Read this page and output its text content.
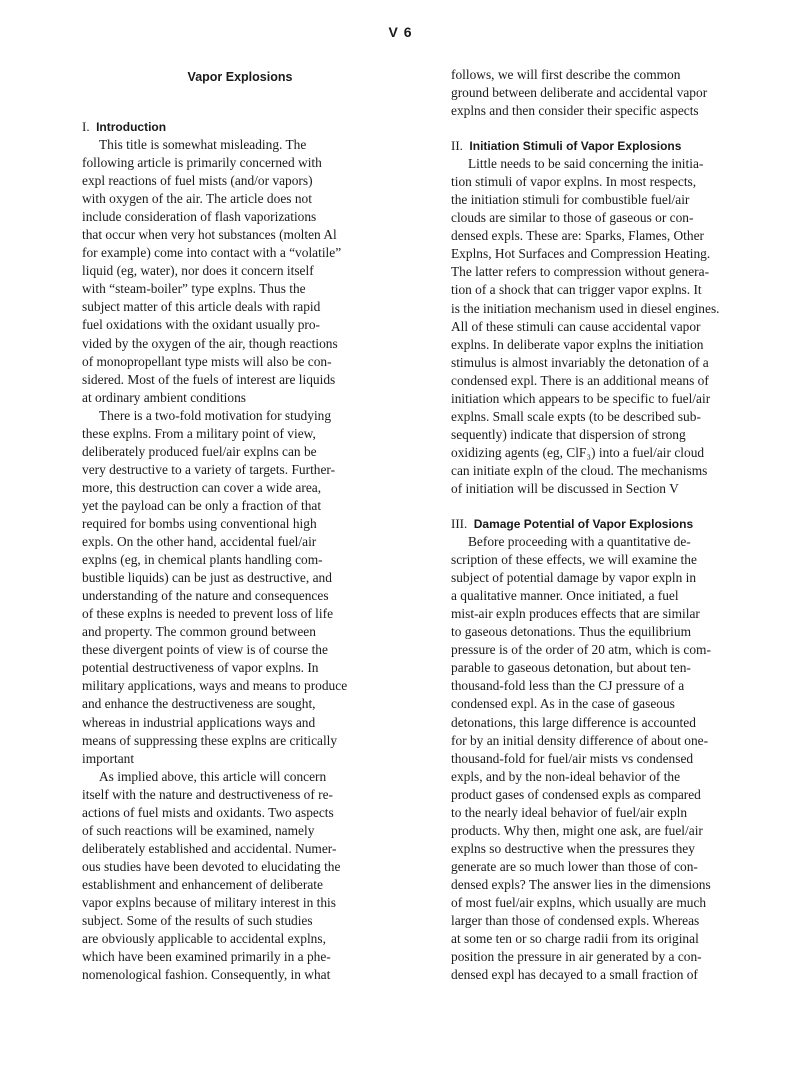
V 6
Vapor Explosions
I. Introduction
This title is somewhat misleading. The
following article is primarily concerned with
expl reactions of fuel mists (and/or vapors)
with oxygen of the air. The article does not
include consideration of flash vaporizations
that occur when very hot substances (molten Al
for example) come into contact with a “volatile”
liquid (eg, water), nor does it concern itself
with “steam-boiler” type explns. Thus the
subject matter of this article deals with rapid
fuel oxidations with the oxidant usually pro-
vided by the oxygen of the air, though reactions
of monopropellant type mists will also be con-
sidered. Most of the fuels of interest are liquids
at ordinary ambient conditions
There is a two-fold motivation for studying
these explns. From a military point of view,
deliberately produced fuel/air explns can be
very destructive to a variety of targets. Further-
more, this destruction can cover a wide area,
yet the payload can be only a fraction of that
required for bombs using conventional high
expls. On the other hand, accidental fuel/air
explns (eg, in chemical plants handling com-
bustible liquids) can be just as destructive, and
understanding of the nature and consequences
of these explns is needed to prevent loss of life
and property. The common ground between
these divergent points of view is of course the
potential destructiveness of vapor explns. In
military applications, ways and means to produce
and enhance the destructiveness are sought,
whereas in industrial applications ways and
means of suppressing these explns are critically
important
As implied above, this article will concern
itself with the nature and destructiveness of re-
actions of fuel mists and oxidants. Two aspects
of such reactions will be examined, namely
deliberately established and accidental. Numer-
ous studies have been devoted to elucidating the
establishment and enhancement of deliberate
vapor explns because of military interest in this
subject. Some of the results of such studies
are obviously applicable to accidental explns,
which have been examined primarily in a phe-
nomenological fashion. Consequently, in what
follows, we will first describe the common
ground between deliberate and accidental vapor
explns and then consider their specific aspects
II. Initiation Stimuli of Vapor Explosions
Little needs to be said concerning the initia-
tion stimuli of vapor explns. In most respects,
the initiation stimuli for combustible fuel/air
clouds are similar to those of gaseous or con-
densed expls. These are: Sparks, Flames, Other
Explns, Hot Surfaces and Compression Heating.
The latter refers to compression without genera-
tion of a shock that can trigger vapor explns. It
is the initiation mechanism used in diesel engines.
All of these stimuli can cause accidental vapor
explns. In deliberate vapor explns the initiation
stimulus is almost invariably the detonation of a
condensed expl. There is an additional means of
initiation which appears to be specific to fuel/air
explns. Small scale expts (to be described sub-
sequently) indicate that dispersion of strong
oxidizing agents (eg, ClF₃) into a fuel/air cloud
can initiate expln of the cloud. The mechanisms
of initiation will be discussed in Section V
III. Damage Potential of Vapor Explosions
Before proceeding with a quantitative de-
scription of these effects, we will examine the
subject of potential damage by vapor expln in
a qualitative manner. Once initiated, a fuel
mist-air expln produces effects that are similar
to gaseous detonations. Thus the equilibrium
pressure is of the order of 20 atm, which is com-
parable to gaseous detonation, but about ten-
thousand-fold less than the CJ pressure of a
condensed expl. As in the case of gaseous
detonations, this large difference is accounted
for by an initial density difference of about one-
thousand-fold for fuel/air mists vs condensed
expls, and by the non-ideal behavior of the
product gases of condensed expls as compared
to the nearly ideal behavior of fuel/air expln
products. Why then, might one ask, are fuel/air
explns so destructive when the pressures they
generate are so much lower than those of con-
densed expls? The answer lies in the dimensions
of most fuel/air explns, which usually are much
larger than those of condensed expls. Whereas
at some ten or so charge radii from its original
position the pressure in air generated by a con-
densed expl has decayed to a small fraction of
